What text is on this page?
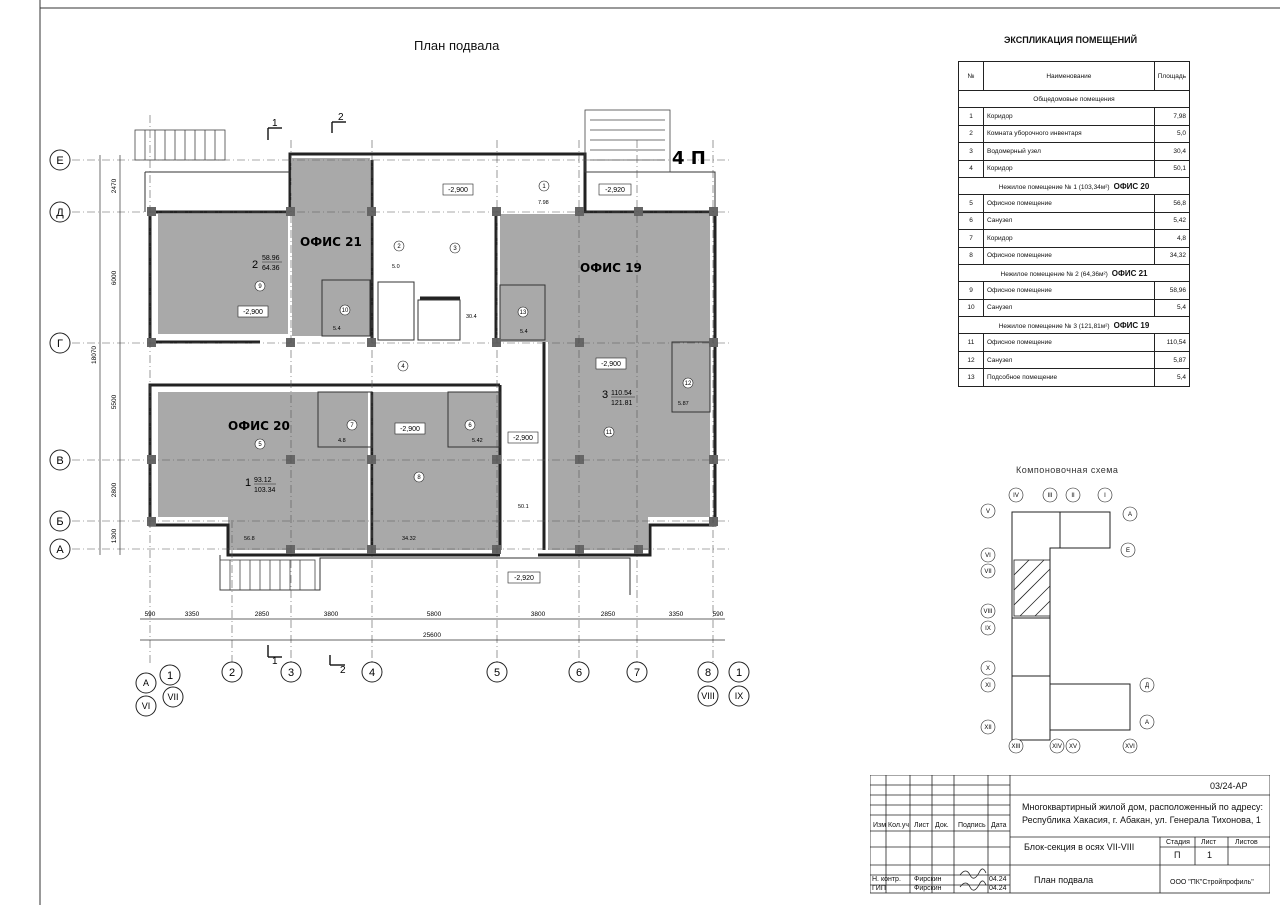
План подвала
Е
Д
Г
В
Б
А
1	2	3	4	5	6	7	8 1
А
VII
VI
VIII IX
590	3350	2850	3800	5800	3800	2850	3350	590
25600
2470
6000
5500
2800
1300
18070
1
2
1
2
4 П
ОФИС 21
ОФИС 19
ОФИС 20
2
58.96
64.36
3 110.54
121.81
1 93.12
103.34
7.98
5.0
30.4
5.4	5.4
4.8	5.42
5.87
50.1
56.8	34.32
1
2	3
4
5
6
7
8
9
10
11
12
13
-2,900	-2,920
-2,900
-2,900
-2,900
-2,900
-2,920
IV	III	II	I
V	A
VI
VII
E
VIII
IX
X
XI	Д
XII
XIII	XIV XV	XVI
A
ЭКСПЛИКАЦИЯ ПОМЕЩЕНИЙ
№	Наименование	Площадь
Общедомовые помещения		
1	Коридор	7,98
2	Комната уборочного инвентаря	5,0
3	Водомерный узел	30,4
4	Коридор	50,1
Нежилое помещение № 1 (103,34м²) ОФИС 20		
5	Офисное помещение	56,8
6	Санузел	5,42
7	Коридор	4,8
8	Офисное помещение	34,32
Нежилое помещение № 2 (64,36м²) ОФИС 21		
9	Офисное помещение	58,96
10	Санузел	5,4
Нежилое помещение № 3 (121,81м²) ОФИС 19		
11	Офисное помещение	110,54
12	Санузел	5,87
13	Подсобное помещение	5,4
Компоновочная схема
Изм Кол.уч Лист Док. Подпись Дата
Н. контр. Фирскин	04.24
ГИП	Фирскин	04.24
03/24-АР
Многоквартирный жилой дом, расположенный по адресу:
Республика Хакасия, г. Абакан, ул. Генерала Тихонова, 1
Блок-секция в осях VII-VIII
План подвала
Стадия Лист	Листов
П	1
ООО "ПК"Стройпрофиль"
